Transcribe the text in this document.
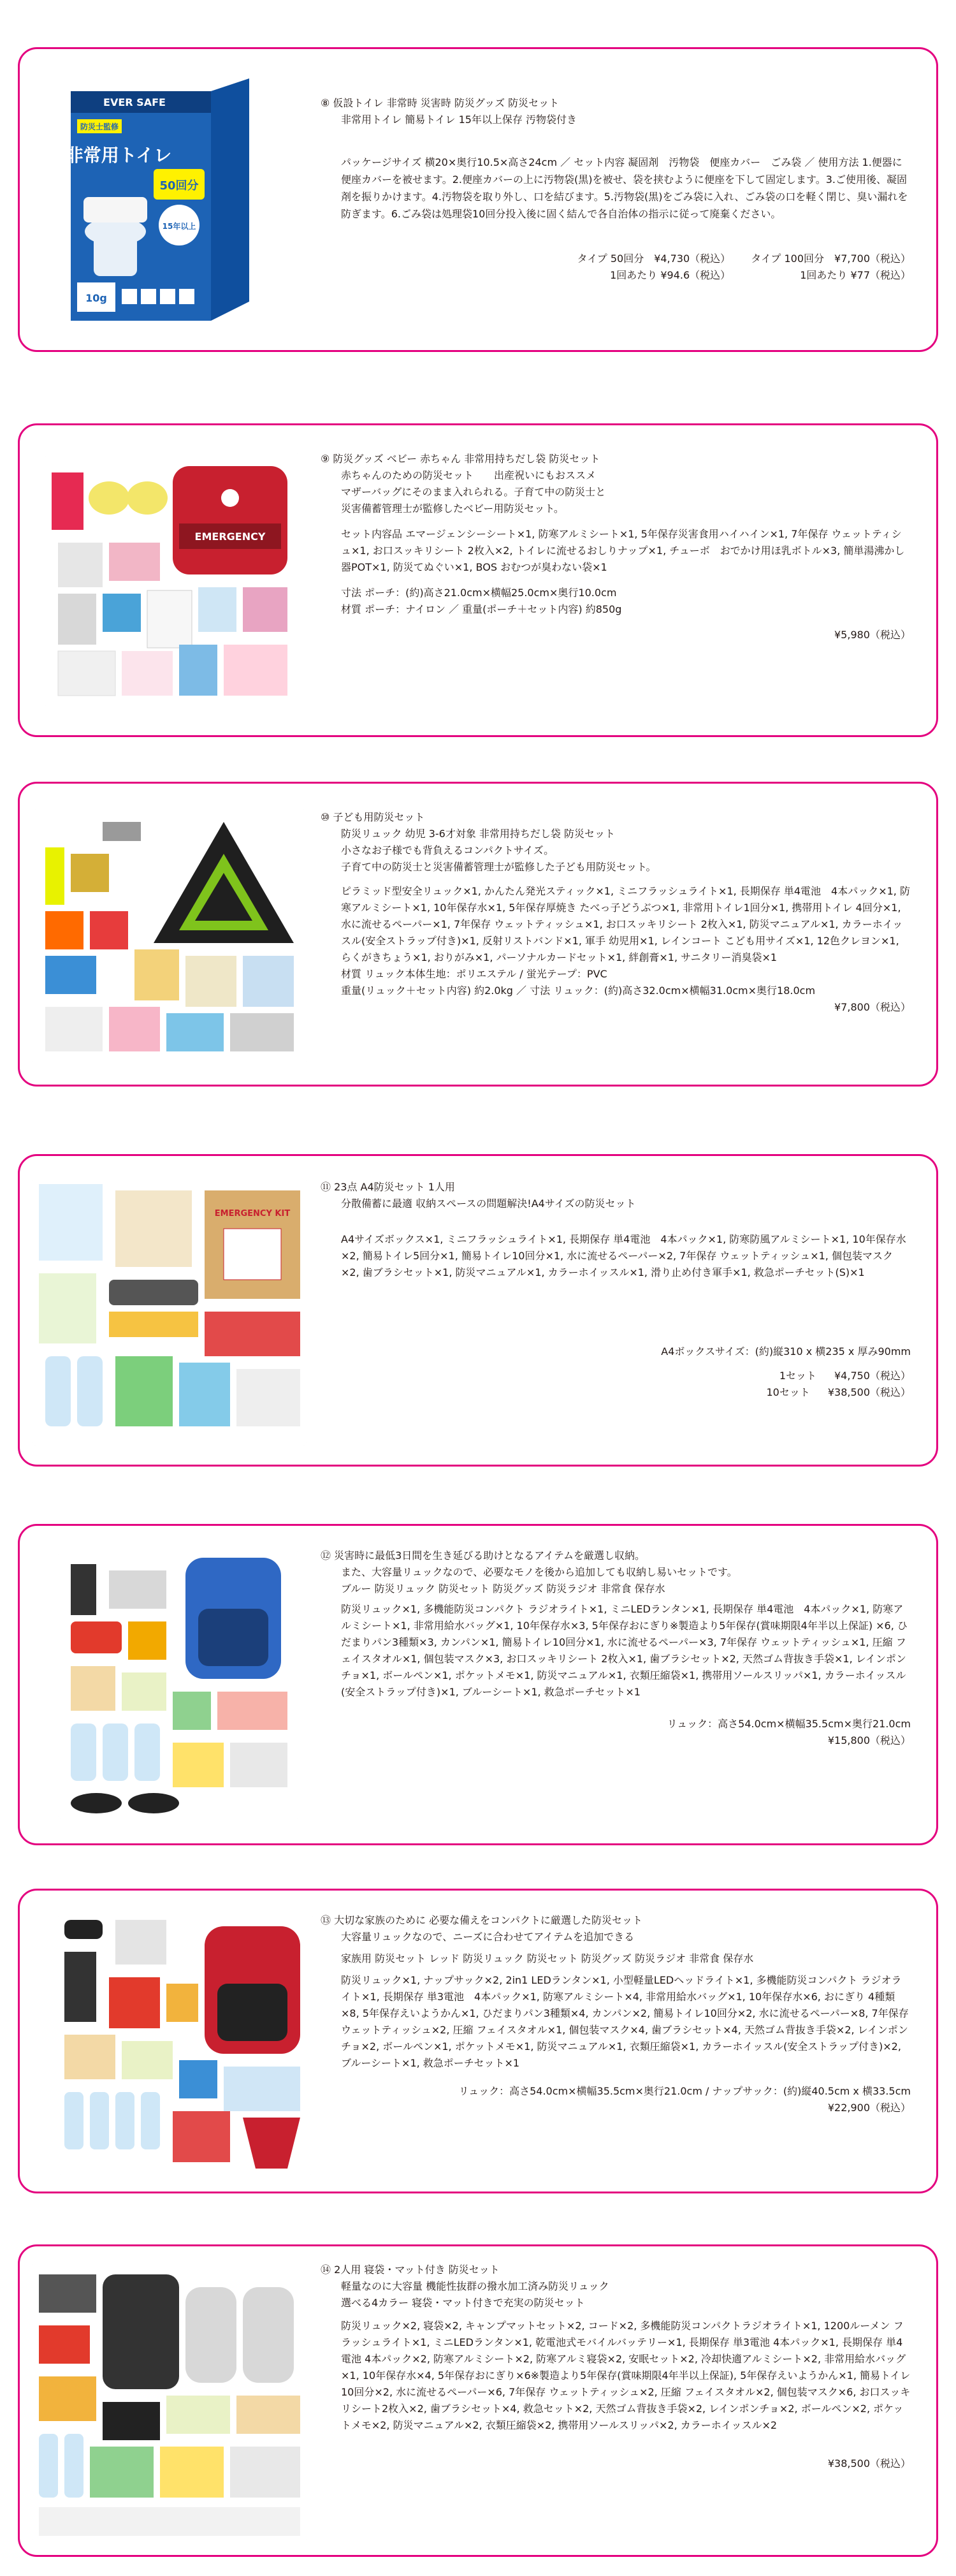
EVER SAFE
防災士監修
非常用トイレ
50回分
15年以上
10g

⑧ 仮設トイレ 非常時 災害時 防災グッズ 防災セット

非常用トイレ 簡易トイレ 15年以上保存 汚物袋付き

パッケージサイズ 横20×奥行10.5×高さ24cm ／ セット内容 凝固剤　汚物袋　便座カバー　ごみ袋 ／ 使用方法 1.便器に便座カバーを被せます。2.便座カバーの上に汚物袋(黒)を被せ、袋を挟むように便座を下して固定します。3.ご使用後、凝固剤を振りかけます。4.汚物袋を取り外し、口を結びます。5.汚物袋(黒)をごみ袋に入れ、ごみ袋の口を軽く閉じ、臭い漏れを防ぎます。6.ごみ袋は処理袋10回分投入後に固く結んで各自治体の指示に従って廃棄ください。

タイプ 50回分　¥4,730（税込）

1回あたり ¥94.6（税込）

タイプ 100回分　¥7,700（税込）

1回あたり ¥77（税込）

EMERGENCY

⑨ 防災グッズ ベビー 赤ちゃん 非常用持ちだし袋 防災セット

赤ちゃんのための防災セット　　出産祝いにもおススメ

マザーバッグにそのまま入れられる。子育て中の防災士と

災害備蓄管理士が監修したベビー用防災セット。

セット内容品 エマージェンシーシート×1, 防寒アルミシート×1, 5年保存災害食用ハイハイン×1, 7年保存 ウェットティシュ×1, お口スッキリシート 2枚入×2, トイレに流せるおしりナップ×1, チューボ　おでかけ用ほ乳ボトル×3, 簡単湯沸かし器POT×1, 防災てぬぐい×1, BOS おむつが臭わない袋×1

寸法 ポーチ：(約)高さ21.0cm×横幅25.0cm×奥行10.0cm

材質 ポーチ：ナイロン ／ 重量(ポーチ＋セット内容) 約850g

¥5,980（税込）

⑩ 子ども用防災セット

防災リュック 幼児 3-6才対象 非常用持ちだし袋 防災セット

小さなお子様でも背負えるコンパクトサイズ。

子育て中の防災士と災害備蓄管理士が監修した子ども用防災セット。

ピラミッド型安全リュック×1, かんたん発光スティック×1, ミニフラッシュライト×1, 長期保存 単4電池　4本パック×1, 防寒アルミシート×1, 10年保存水×1, 5年保存厚焼き たべっ子どうぶつ×1, 非常用トイレ1回分×1, 携帯用トイレ 4回分×1, 水に流せるペーパー×1, 7年保存 ウェットティッシュ×1, お口スッキリシート 2枚入×1, 防災マニュアル×1, カラーホイッスル(安全ストラップ付き)×1, 反射リストバンド×1, 軍手 幼児用×1, レインコート こども用サイズ×1, 12色クレヨン×1, らくがきちょう×1, おりがみ×1, パーソナルカードセット×1, 絆創膏×1, サニタリー消臭袋×1

材質 リュック本体生地：ポリエステル / 蛍光テープ：PVC

重量(リュック＋セット内容) 約2.0kg ／ 寸法 リュック：(約)高さ32.0cm×横幅31.0cm×奥行18.0cm

¥7,800（税込）

EMERGENCY KIT

⑪ 23点 A4防災セット 1人用

分散備蓄に最適 収納スペースの問題解決!A4サイズの防災セット

A4サイズボックス×1, ミニフラッシュライト×1, 長期保存 単4電池　4本パック×1, 防寒防風アルミシート×1, 10年保存水×2, 簡易トイレ5回分×1, 簡易トイレ10回分×1, 水に流せるペーパー×2, 7年保存 ウェットティッシュ×1, 個包装マスク×2, 歯ブラシセット×1, 防災マニュアル×1, カラーホイッスル×1, 滑り止め付き軍手×1, 救急ポーチセット(S)×1

A4ボックスサイズ：(約)縦310 x 横235 x 厚み90mm

1セット ¥4,750（税込）
10セット ¥38,500（税込）

⑫ 災害時に最低3日間を生き延びる助けとなるアイテムを厳選し収納。

また、大容量リュックなので、必要なモノを後から追加しても収納し易いセットです。

ブルー 防災リュック 防災セット 防災グッズ 防災ラジオ 非常食 保存水

防災リュック×1, 多機能防災コンパクト ラジオライト×1, ミニLEDランタン×1, 長期保存 単4電池　4本パック×1, 防寒アルミシート×1, 非常用給水バッグ×1, 10年保存水×3, 5年保存おにぎり※製造より5年保存(賞味期限4年半以上保証) ×6, ひだまりパン3種類×3, カンパン×1, 簡易トイレ10回分×1, 水に流せるペーパー×3, 7年保存 ウェットティッシュ×1, 圧縮 フェイスタオル×1, 個包装マスク×3, お口スッキリシート 2枚入×1, 歯ブラシセット×2, 天然ゴム背抜き手袋×1, レインポンチョ×1, ボールペン×1, ポケットメモ×1, 防災マニュアル×1, 衣類圧縮袋×1, 携帯用ソールスリッパ×1, カラーホイッスル(安全ストラップ付き)×1, ブルーシート×1, 救急ポーチセット×1

リュック：高さ54.0cm×横幅35.5cm×奥行21.0cm

¥15,800（税込）

⑬ 大切な家族のために 必要な備えをコンパクトに厳選した防災セット

大容量リュックなので、ニーズに合わせてアイテムを追加できる

家族用 防災セット レッド 防災リュック 防災セット 防災グッズ 防災ラジオ 非常食 保存水

防災リュック×1, ナップサック×2, 2in1 LEDランタン×1, 小型軽量LEDヘッドライト×1, 多機能防災コンパクト ラジオライト×1, 長期保存 単3電池　4本パック×1, 防寒アルミシート×4, 非常用給水バッグ×1, 10年保存水×6, おにぎり 4種類×8, 5年保存えいようかん×1, ひだまりパン3種類×4, カンパン×2, 簡易トイレ10回分×2, 水に流せるペーパー×8, 7年保存 ウェットティッシュ×2, 圧縮 フェイスタオル×1, 個包装マスク×4, 歯ブラシセット×4, 天然ゴム背抜き手袋×2, レインポンチョ×2, ボールペン×1, ポケットメモ×1, 防災マニュアル×1, 衣類圧縮袋×1, カラーホイッスル(安全ストラップ付き)×2, ブルーシート×1, 救急ポーチセット×1

リュック：高さ54.0cm×横幅35.5cm×奥行21.0cm / ナップサック：(約)縦40.5cm x 横33.5cm

¥22,900（税込）

⑭ 2人用 寝袋・マット付き 防災セット

軽量なのに大容量 機能性抜群の撥水加工済み防災リュック

選べる4カラー 寝袋・マット付きで充実の防災セット

防災リュック×2, 寝袋×2, キャンプマットセット×2, コード×2, 多機能防災コンパクトラジオライト×1, 1200ルーメン フラッシュライト×1, ミニLEDランタン×1, 乾電池式モバイルバッテリー×1, 長期保存 単3電池 4本パック×1, 長期保存 単4電池 4本パック×2, 防寒アルミシート×2, 防寒アルミ寝袋×2, 安眠セット×2, 冷却快適アルミシート×2, 非常用給水バッグ×1, 10年保存水×4, 5年保存おにぎり×6※製造より5年保存(賞味期限4年半以上保証), 5年保存えいようかん×1, 簡易トイレ10回分×2, 水に流せるペーパー×6, 7年保存 ウェットティッシュ×2, 圧縮 フェイスタオル×2, 個包装マスク×6, お口スッキリシート2枚入×2, 歯ブラシセット×4, 救急セット×2, 天然ゴム背抜き手袋×2, レインポンチョ×2, ボールペン×2, ポケットメモ×2, 防災マニュアル×2, 衣類圧縮袋×2, 携帯用ソールスリッパ×2, カラーホイッスル×2

¥38,500（税込）
